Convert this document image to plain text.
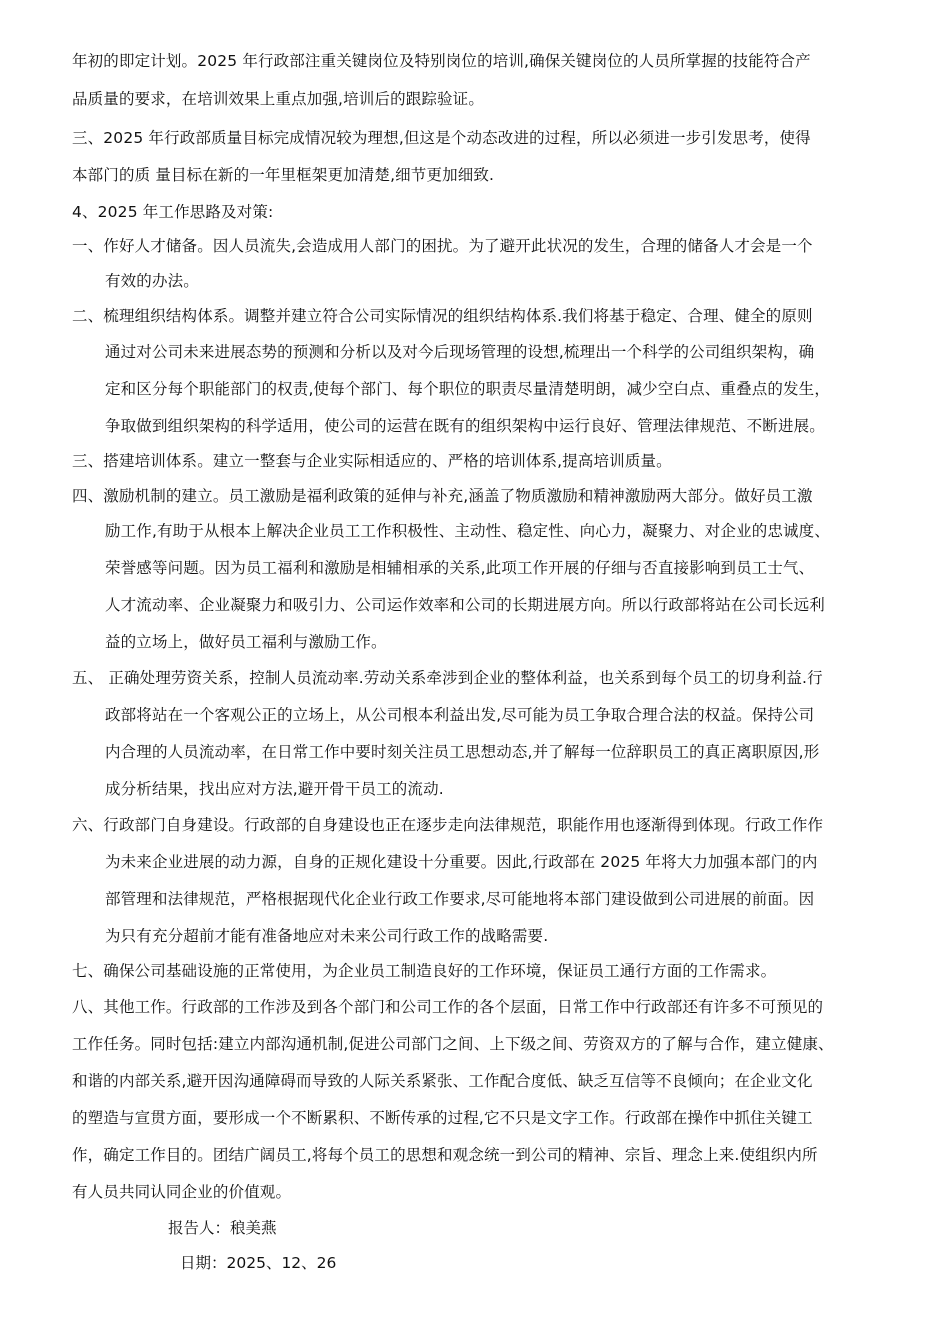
年初的即定计划。2025 年行政部注重关键岗位及特别岗位的培训,确保关键岗位的人员所掌握的技能符合产
品质量的要求，在培训效果上重点加强,培训后的跟踪验证。
三、2025 年行政部质量目标完成情况较为理想,但这是个动态改进的过程，所以必须进一步引发思考，使得
本部门的质 量目标在新的一年里框架更加清楚,细节更加细致.
4、2025 年工作思路及对策:
一、作好人才储备。因人员流失,会造成用人部门的困扰。为了避开此状况的发生，合理的储备人才会是一个
有效的办法。
二、梳理组织结构体系。调整并建立符合公司实际情况的组织结构体系.我们将基于稳定、合理、健全的原则
通过对公司未来进展态势的预测和分析以及对今后现场管理的设想,梳理出一个科学的公司组织架构，确
定和区分每个职能部门的权责,使每个部门、每个职位的职责尽量清楚明朗，减少空白点、重叠点的发生，
争取做到组织架构的科学适用，使公司的运营在既有的组织架构中运行良好、管理法律规范、不断进展。
三、搭建培训体系。建立一整套与企业实际相适应的、严格的培训体系,提高培训质量。
四、激励机制的建立。员工激励是福利政策的延伸与补充,涵盖了物质激励和精神激励两大部分。做好员工激
励工作,有助于从根本上解决企业员工工作积极性、主动性、稳定性、向心力，凝聚力、对企业的忠诚度、
荣誉感等问题。因为员工福利和激励是相辅相承的关系,此项工作开展的仔细与否直接影响到员工士气、
人才流动率、企业凝聚力和吸引力、公司运作效率和公司的长期进展方向。所以行政部将站在公司长远利
益的立场上，做好员工福利与激励工作。
五、 正确处理劳资关系，控制人员流动率.劳动关系牵涉到企业的整体利益，也关系到每个员工的切身利益.行
政部将站在一个客观公正的立场上，从公司根本利益出发,尽可能为员工争取合理合法的权益。保持公司
内合理的人员流动率，在日常工作中要时刻关注员工思想动态,并了解每一位辞职员工的真正离职原因,形
成分析结果，找出应对方法,避开骨干员工的流动.
六、行政部门自身建设。行政部的自身建设也正在逐步走向法律规范，职能作用也逐渐得到体现。行政工作作
为未来企业进展的动力源，自身的正规化建设十分重要。因此,行政部在 2025 年将大力加强本部门的内
部管理和法律规范，严格根据现代化企业行政工作要求,尽可能地将本部门建设做到公司进展的前面。因
为只有充分超前才能有准备地应对未来公司行政工作的战略需要.
七、确保公司基础设施的正常使用，为企业员工制造良好的工作环境，保证员工通行方面的工作需求。
八、其他工作。行政部的工作涉及到各个部门和公司工作的各个层面，日常工作中行政部还有许多不可预见的
工作任务。同时包括:建立内部沟通机制,促进公司部门之间、上下级之间、劳资双方的了解与合作，建立健康、
和谐的内部关系,避开因沟通障碍而导致的人际关系紧张、工作配合度低、缺乏互信等不良倾向；在企业文化
的塑造与宣贯方面，要形成一个不断累积、不断传承的过程,它不只是文字工作。行政部在操作中抓住关键工
作，确定工作目的。团结广阔员工,将每个员工的思想和观念统一到公司的精神、宗旨、理念上来.使组织内所
有人员共同认同企业的价值观。
报告人：稂美燕
日期：2025、12、26
